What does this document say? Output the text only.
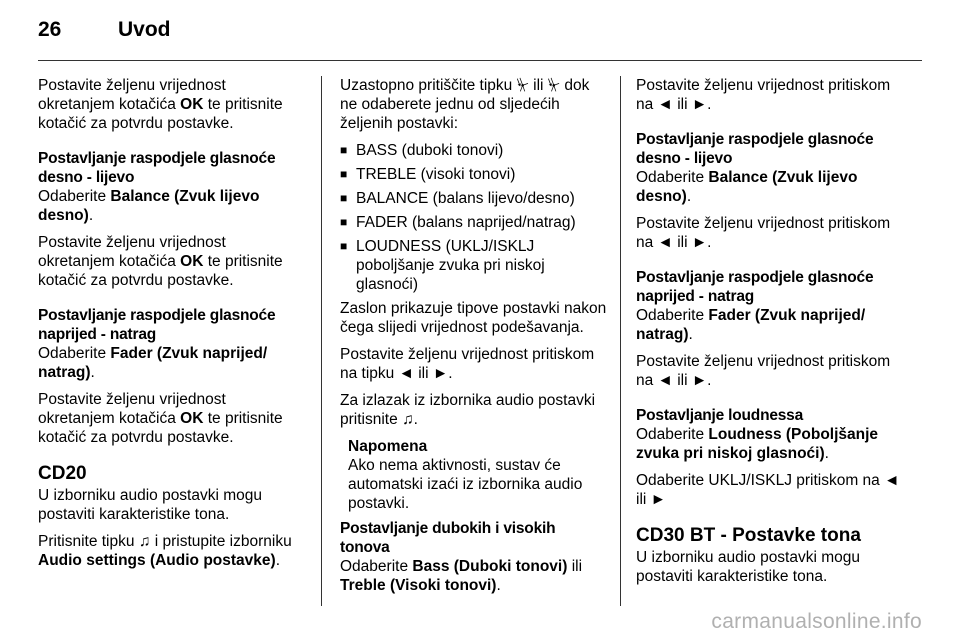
26	Uvod

Postavite željenu vrijednost okretanjem kotačića OK te pritisnite kotačić za potvrdu postavke.

Postavljanje raspodjele glasnoće desno - lijevo

Odaberite Balance (Zvuk lijevo desno).

Postavite željenu vrijednost okretanjem kotačića OK te pritisnite kotačić za potvrdu postavke.

Postavljanje raspodjele glasnoće naprijed - natrag

Odaberite Fader (Zvuk naprijed/ natrag).

Postavite željenu vrijednost okretanjem kotačića OK te pritisnite kotačić za potvrdu postavke.

CD20

U izborniku audio postavki mogu postaviti karakteristike tona.

Pritisnite tipku ♫ i pristupite izborniku Audio settings (Audio postavke).

Uzastopno pritiščite tipku ⏧ ili ⏧ dok ne odaberete jednu od sljedećih željenih postavki:

■ BASS (duboki tonovi)
■ TREBLE (visoki tonovi)
■ BALANCE (balans lijevo/desno)
■ FADER (balans naprijed/natrag)
■ LOUDNESS (UKLJ/ISKLJ poboljšanje zvuka pri niskoj glasnoći)

Zaslon prikazuje tipove postavki nakon čega slijedi vrijednost podešavanja.

Postavite željenu vrijednost pritiskom na tipku ◄ ili ►.

Za izlazak iz izbornika audio postavki pritisnite ♫.

Napomena
Ako nema aktivnosti, sustav će automatski izaći iz izbornika audio postavki.

Postavljanje dubokih i visokih tonova

Odaberite Bass (Duboki tonovi) ili Treble (Visoki tonovi).

Postavite željenu vrijednost pritiskom na ◄ ili ►.

Postavljanje raspodjele glasnoće desno - lijevo

Odaberite Balance (Zvuk lijevo desno).

Postavite željenu vrijednost pritiskom na ◄ ili ►.

Postavljanje raspodjele glasnoće naprijed - natrag

Odaberite Fader (Zvuk naprijed/ natrag).

Postavite željenu vrijednost pritiskom na ◄ ili ►.

Postavljanje loudnessa

Odaberite Loudness (Poboljšanje zvuka pri niskoj glasnoći).

Odaberite UKLJ/ISKLJ pritiskom na ◄ ili ►

CD30 BT - Postavke tona

U izborniku audio postavki mogu postaviti karakteristike tona.

carmanualsonline.info
